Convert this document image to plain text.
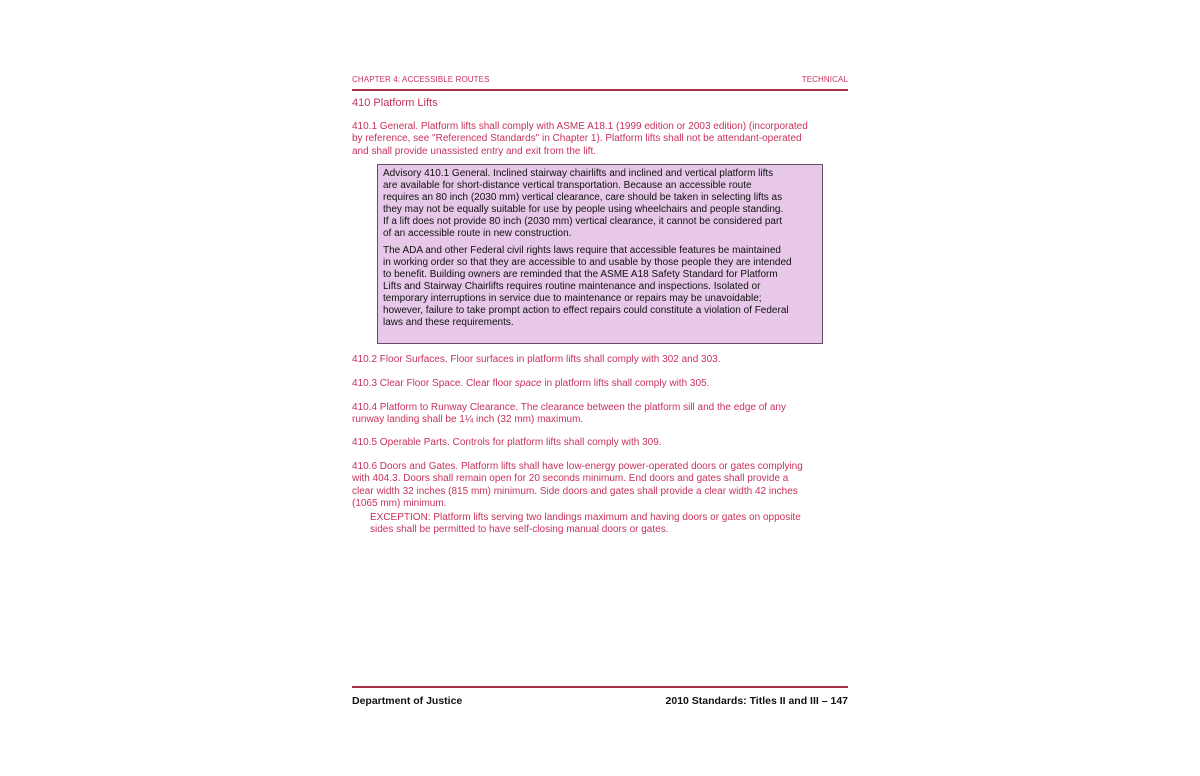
CHAPTER 4: ACCESSIBLE ROUTES	TECHNICAL
410 Platform Lifts
410.1 General. Platform lifts shall comply with ASME A18.1 (1999 edition or 2003 edition) (incorporated
by reference, see "Referenced Standards" in Chapter 1). Platform lifts shall not be attendant-operated
and shall provide unassisted entry and exit from the lift.

Advisory 410.1 General. Inclined stairway chairlifts and inclined and vertical platform lifts
are available for short-distance vertical transportation. Because an accessible route
requires an 80 inch (2030 mm) vertical clearance, care should be taken in selecting lifts as
they may not be equally suitable for use by people using wheelchairs and people standing.
If a lift does not provide 80 inch (2030 mm) vertical clearance, it cannot be considered part
of an accessible route in new construction.

The ADA and other Federal civil rights laws require that accessible features be maintained
in working order so that they are accessible to and usable by those people they are intended
to benefit. Building owners are reminded that the ASME A18 Safety Standard for Platform
Lifts and Stairway Chairlifts requires routine maintenance and inspections. Isolated or
temporary interruptions in service due to maintenance or repairs may be unavoidable;
however, failure to take prompt action to effect repairs could constitute a violation of Federal
laws and these requirements.

410.2 Floor Surfaces. Floor surfaces in platform lifts shall comply with 302 and 303.
410.3 Clear Floor Space. Clear floor space in platform lifts shall comply with 305.
410.4 Platform to Runway Clearance. The clearance between the platform sill and the edge of any
runway landing shall be 1¼ inch (32 mm) maximum.
410.5 Operable Parts. Controls for platform lifts shall comply with 309.
410.6 Doors and Gates. Platform lifts shall have low-energy power-operated doors or gates complying
with 404.3. Doors shall remain open for 20 seconds minimum. End doors and gates shall provide a
clear width 32 inches (815 mm) minimum. Side doors and gates shall provide a clear width 42 inches
(1065 mm) minimum.
EXCEPTION: Platform lifts serving two landings maximum and having doors or gates on opposite
sides shall be permitted to have self-closing manual doors or gates.
Department of Justice	2010 Standards: Titles II and III – 147
